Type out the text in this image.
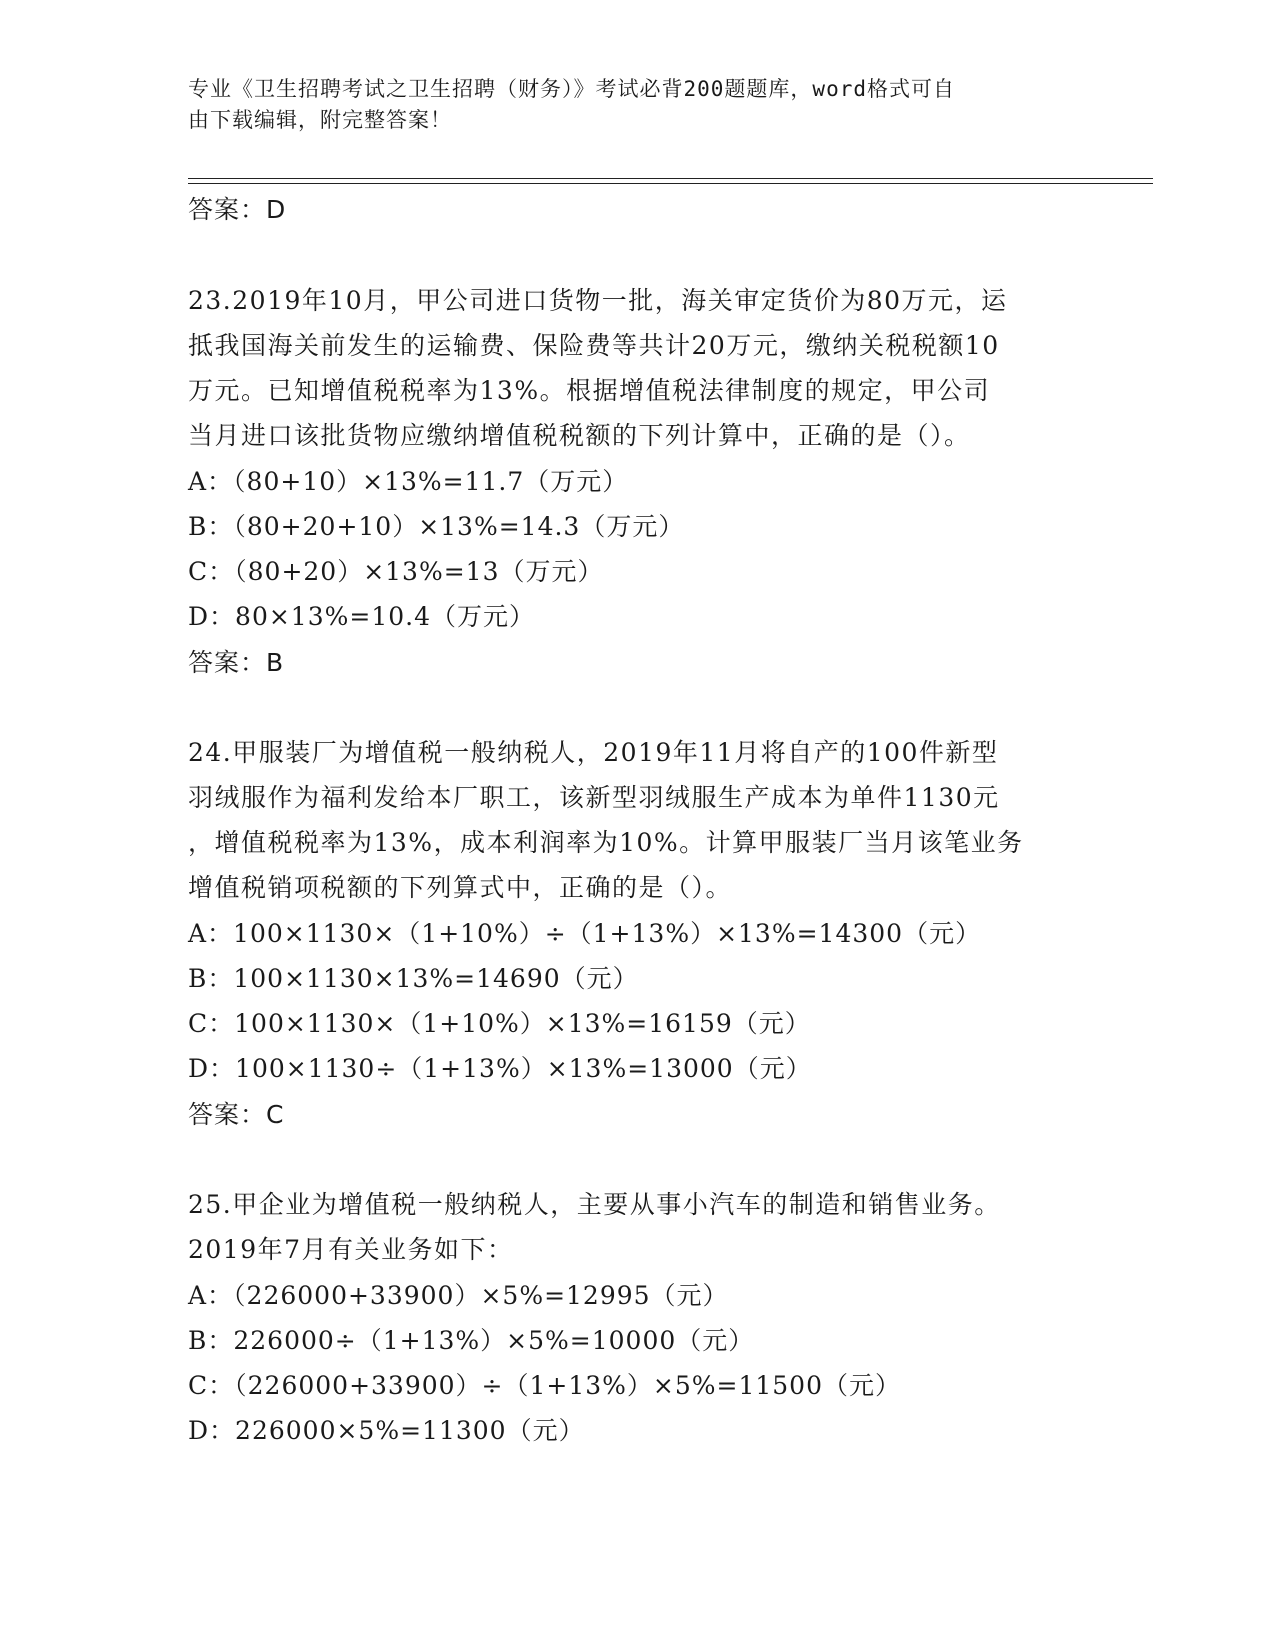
专业《卫生招聘考试之卫生招聘（财务）》考试必背200题题库，word格式可自
由下载编辑，附完整答案！
答案：D
23.2019年10月，甲公司进口货物一批，海关审定货价为80万元，运
抵我国海关前发生的运输费、保险费等共计20万元，缴纳关税税额10
万元。已知增值税税率为13%。根据增值税法律制度的规定，甲公司
当月进口该批货物应缴纳增值税税额的下列计算中，正确的是（）。
A：（80+10）×13%=11.7（万元）
B：（80+20+10）×13%=14.3（万元）
C：（80+20）×13%=13（万元）
D：80×13%=10.4（万元）
答案：B
24.甲服装厂为增值税一般纳税人，2019年11月将自产的100件新型
羽绒服作为福利发给本厂职工，该新型羽绒服生产成本为单件1130元
，增值税税率为13%，成本利润率为10%。计算甲服装厂当月该笔业务
增值税销项税额的下列算式中，正确的是（）。
A：100×1130×（1+10%）÷（1+13%）×13%=14300（元）
B：100×1130×13%=14690（元）
C：100×1130×（1+10%）×13%=16159（元）
D：100×1130÷（1+13%）×13%=13000（元）
答案：C
25.甲企业为增值税一般纳税人，主要从事小汽车的制造和销售业务。
2019年7月有关业务如下：
A：（226000+33900）×5%=12995（元）
B：226000÷（1+13%）×5%=10000（元）
C：（226000+33900）÷（1+13%）×5%=11500（元）
D：226000×5%=11300（元）
